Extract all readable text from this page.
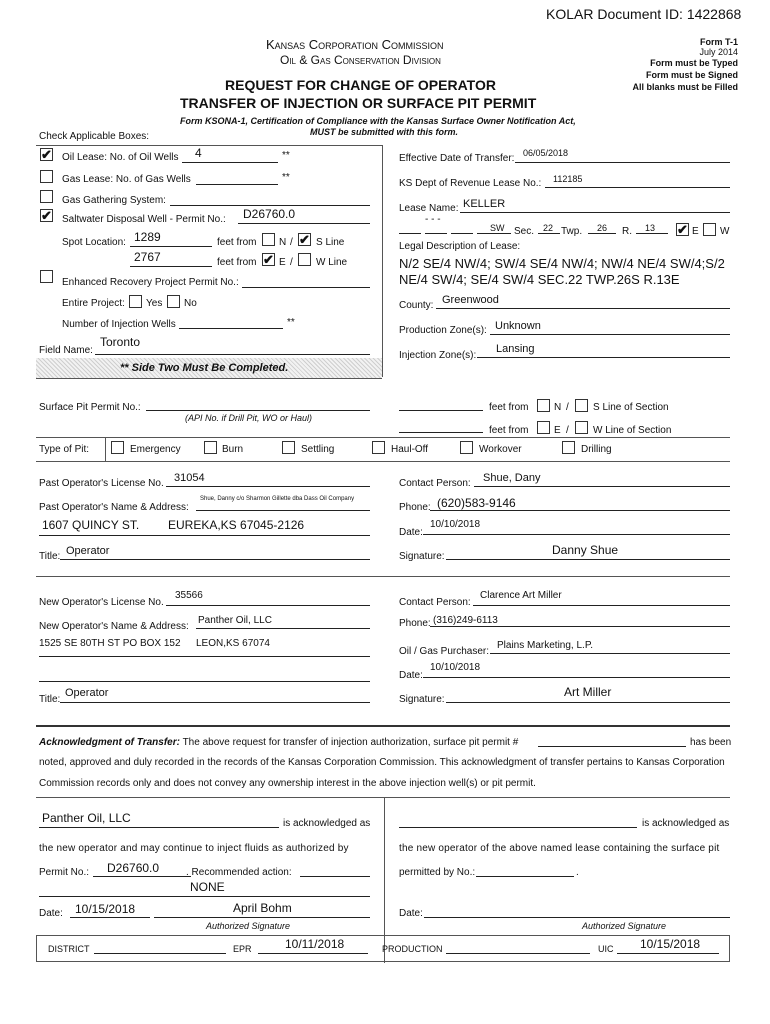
KOLAR Document ID: 1422868
Kansas Corporation Commission
Oil & Gas Conservation Division
REQUEST FOR CHANGE OF OPERATOR
TRANSFER OF INJECTION OR SURFACE PIT PERMIT
Form KSONA-1, Certification of Compliance with the Kansas Surface Owner Notification Act,
MUST be submitted with this form.
Form T-1
July 2014
Form must be Typed
Form must be Signed
All blanks must be Filled
Check Applicable Boxes:
✔ Oil Lease: No. of Oil Wells 4	**
Gas Lease: No. of Gas Wells	**
Gas Gathering System:
✔ Saltwater Disposal Well - Permit No.: D26760.0
Spot Location: 1289	feet from N / ✔ S Line
2767	feet from ✔ E / W Line
Enhanced Recovery Project Permit No.:
Entire Project: Yes No
Number of Injection Wells	**
Field Name:
Toronto
** Side Two Must Be Completed.
Effective Date of Transfer: 06/05/2018
KS Dept of Revenue Lease No.: 112185
Lease Name: KELLER
- - -
SW Sec. 22 Twp. 26 R. 13 ✔ E W
Legal Description of Lease:
N/2 SE/4 NW/4; SW/4 SE/4 NW/4; NW/4 NE/4 SW/4;S/2
NE/4 SW/4; SE/4 SW/4 SEC.22 TWP.26S R.13E
County: Greenwood
Production Zone(s): Unknown
Injection Zone(s):
Lansing
Surface Pit Permit No.:
(API No. if Drill Pit, WO or Haul)
feet from	N / S Line of Section
feet from	E / W Line of Section
Type of Pit:	Emergency	Burn	Settling	Haul-Off	Workover	Drilling
Past Operator's License No. 31054
Past Operator's Name & Address:
Shue, Danny c/o Sharmon Gillette dba Dass Oil Company
1607 QUINCY ST. EUREKA,KS 67045-2126
Title: Operator
Contact Person: Shue, Dany
Phone: (620)583-9146
Date:
10/10/2018
Signature:	Danny Shue
New Operator's License No.
35566
New Operator's Name & Address:
Panther Oil, LLC
1525 SE 80TH ST PO BOX 152 LEON,KS 67074
Title:
Operator
Contact Person:
Clarence Art Miller
Phone: (316)249-6113
Oil / Gas Purchaser:
Plains Marketing, L.P.
Date:
10/10/2018
Signature:
Art Miller
Acknowledgment of Transfer: The above request for transfer of injection authorization, surface pit permit #	has been
noted, approved and duly recorded in the records of the Kansas Corporation Commission. This acknowledgment of transfer pertains to Kansas Corporation
Commission records only and does not convey any ownership interest in the above injection well(s) or pit permit.
Panther Oil, LLC	is acknowledged as
the new operator and may continue to inject fluids as authorized by
is acknowledged as
the new operator of the above named lease containing the surface pit
Permit No.: D26760.0	. Recommended action:
NONE
permitted by No.:	.
Date: 10/15/2018	April Bohm
Authorized Signature
Date:
Authorized Signature
DISTRICT	EPR	10/11/2018	PRODUCTION	UIC 10/15/2018
